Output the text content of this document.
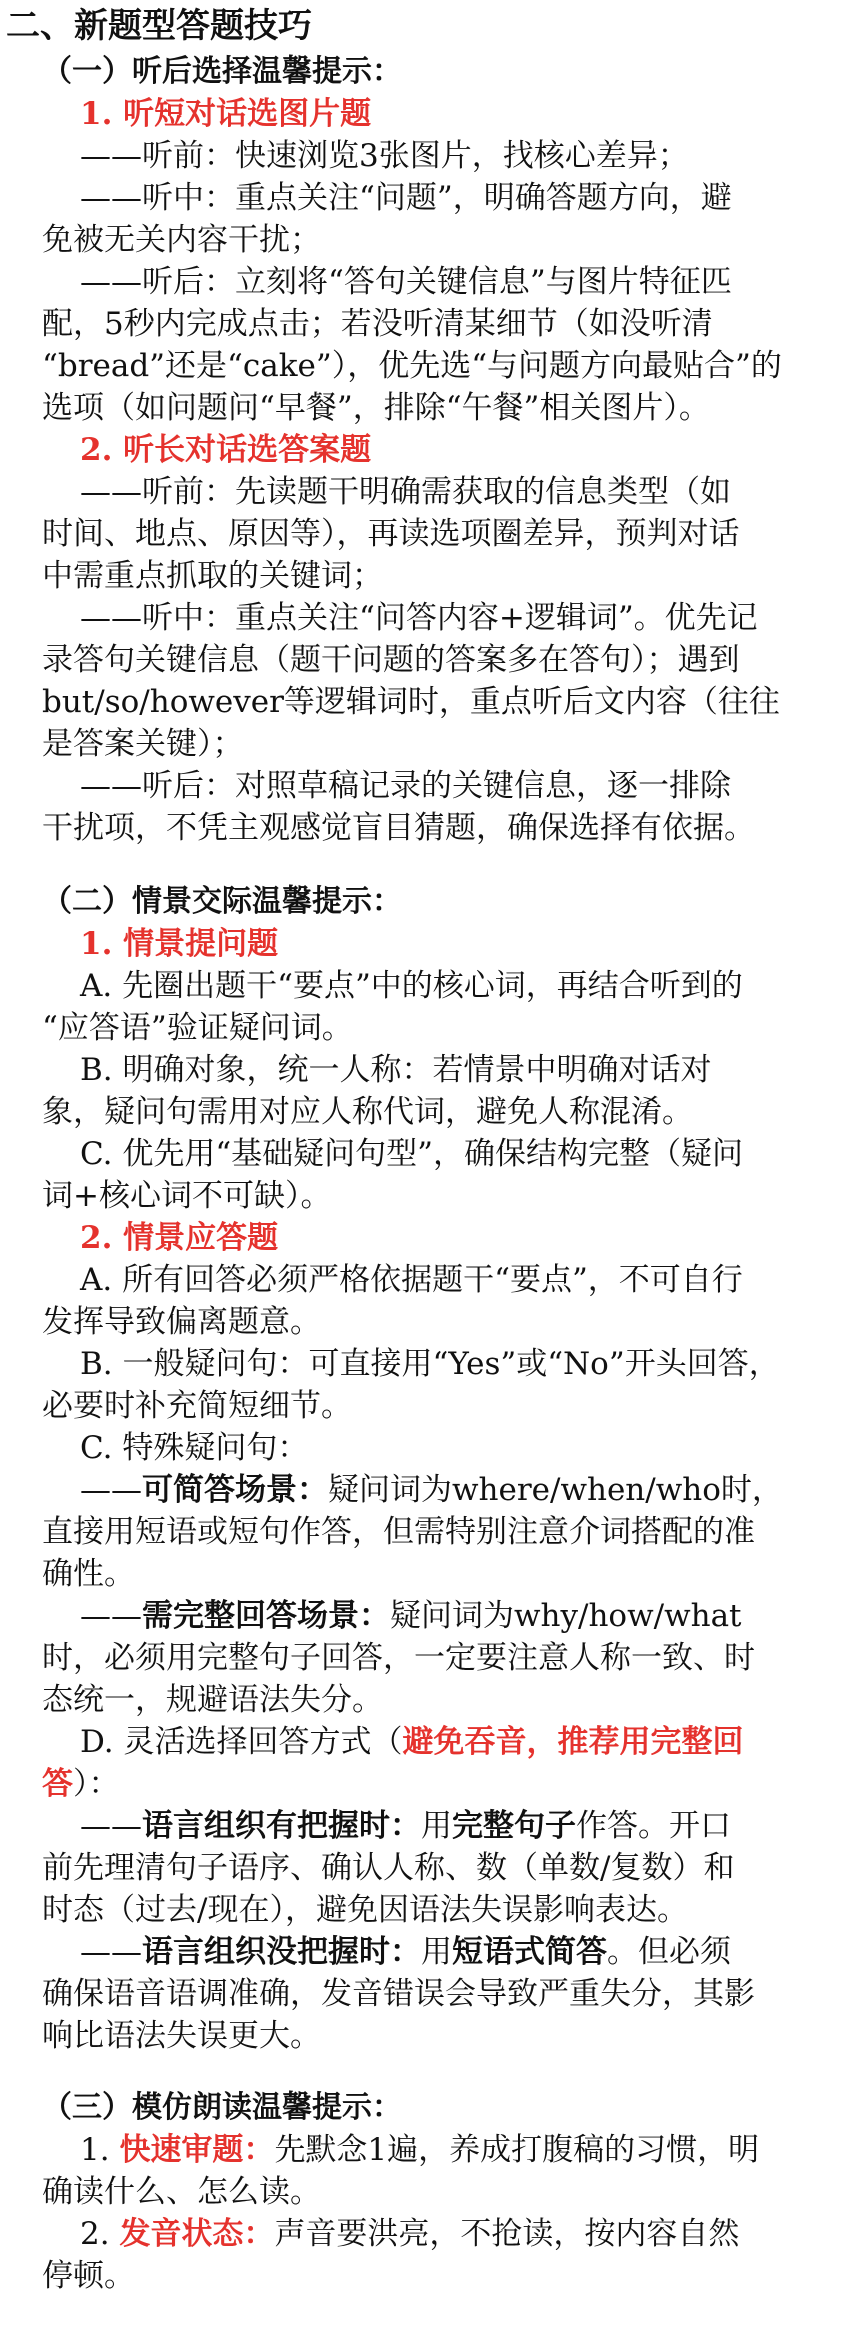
二、新题型答题技巧
（一）听后选择温馨提示：
1. 听短对话选图片题
——听前：快速浏览3张图片，找核心差异；
——听中：重点关注“问题”，明确答题方向，避
免被无关内容干扰；
——听后：立刻将“答句关键信息”与图片特征匹
配，5秒内完成点击；若没听清某细节（如没听清
“bread”还是“cake”），优先选“与问题方向最贴合”的
选项（如问题问“早餐”，排除“午餐”相关图片）。
2. 听长对话选答案题
——听前：先读题干明确需获取的信息类型（如
时间、地点、原因等），再读选项圈差异，预判对话
中需重点抓取的关键词；
——听中：重点关注“问答内容+逻辑词”。优先记
录答句关键信息（题干问题的答案多在答句）；遇到
but/so/however等逻辑词时，重点听后文内容（往往
是答案关键）；
——听后：对照草稿记录的关键信息，逐一排除
干扰项，不凭主观感觉盲目猜题，确保选择有依据。
（二）情景交际温馨提示：
1. 情景提问题
A. 先圈出题干“要点”中的核心词，再结合听到的
“应答语”验证疑问词。
B. 明确对象，统一人称：若情景中明确对话对
象，疑问句需用对应人称代词，避免人称混淆。
C. 优先用“基础疑问句型”，确保结构完整（疑问
词+核心词不可缺）。
2. 情景应答题
A. 所有回答必须严格依据题干“要点”，不可自行
发挥导致偏离题意。
B. 一般疑问句：可直接用“Yes”或“No”开头回答，
必要时补充简短细节。
C. 特殊疑问句：
——可简答场景：疑问词为where/when/who时，
直接用短语或短句作答，但需特别注意介词搭配的准
确性。
——需完整回答场景：疑问词为why/how/what
时，必须用完整句子回答，一定要注意人称一致、时
态统一，规避语法失分。
D. 灵活选择回答方式（避免吞音，推荐用完整回
答）：
——语言组织有把握时：用完整句子作答。开口
前先理清句子语序、确认人称、数（单数/复数）和
时态（过去/现在），避免因语法失误影响表达。
——语言组织没把握时：用短语式简答。但必须
确保语音语调准确，发音错误会导致严重失分，其影
响比语法失误更大。
（三）模仿朗读温馨提示：
1. 快速审题：先默念1遍，养成打腹稿的习惯，明
确读什么、怎么读。
2. 发音状态：声音要洪亮，不抢读，按内容自然
停顿。
